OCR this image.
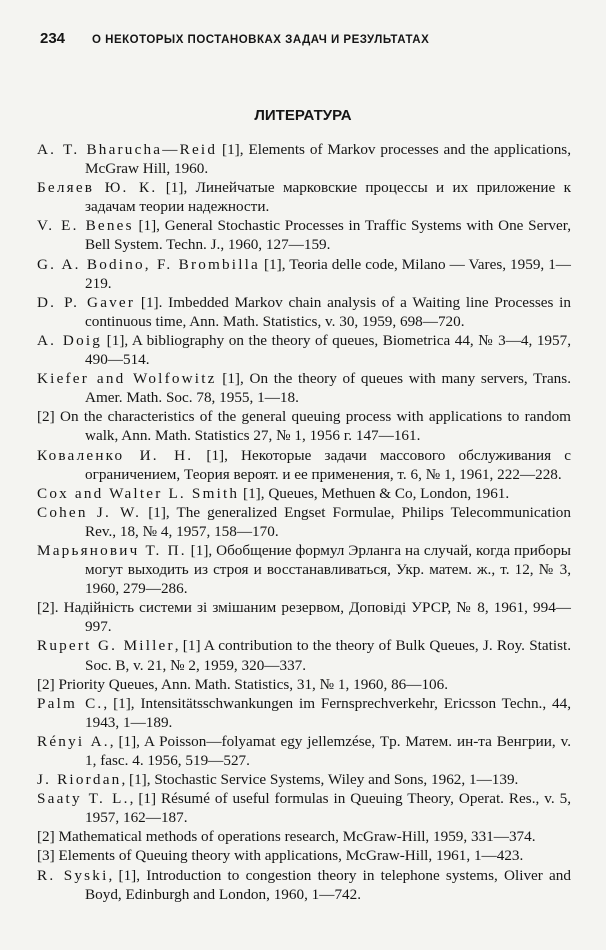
234 О НЕКОТОРЫХ ПОСТАНОВКАХ ЗАДАЧ И РЕЗУЛЬТАТАХ
ЛИТЕРАТУРА
A. T. Bharucha—Reid [1], Elements of Markov processes and the applications, McGraw Hill, 1960.
Беляев Ю. К. [1], Линейчатые марковские процессы и их приложение к задачам теории надежности.
V. E. Benes [1], General Stochastic Processes in Traffic Systems with One Server, Bell System. Techn. J., 1960, 127—159.
G. A. Bodino, F. Brombilla [1], Teoria delle code, Milano — Vares, 1959, 1—219.
D. P. Gaver [1]. Imbedded Markov chain analysis of a Waiting line Processes in continuous time, Ann. Math. Statistics, v. 30, 1959, 698—720.
A. Doig [1], A bibliography on the theory of queues, Biometrica 44, № 3—4, 1957, 490—514.
Kiefer and Wolfowitz [1], On the theory of queues with many servers, Trans. Amer. Math. Soc. 78, 1955, 1—18.
[2] On the characteristics of the general queuing process with applications to random walk, Ann. Math. Statistics 27, № 1, 1956 г. 147—161.
Коваленко И. Н. [1], Некоторые задачи массового обслуживания с ограничением, Теория вероят. и ее применения, т. 6, № 1, 1961, 222—228.
Cox and Walter L. Smith [1], Queues, Methuen & Co, London, 1961.
Cohen J. W. [1], The generalized Engset Formulae, Philips Telecommunication Rev., 18, № 4, 1957, 158—170.
Марьянович Т. П. [1], Обобщение формул Эрланга на случай, когда приборы могут выходить из строя и восстанавливаться, Укр. матем. ж., т. 12, № 3, 1960, 279—286.
[2]. Надiйнiсть системи зi змiшаним резервом, Доповiдi УРСР, № 8, 1961, 994—997.
Rupert G. Miller, [1] A contribution to the theory of Bulk Queues, J. Roy. Statist. Soc. B, v. 21, № 2, 1959, 320—337.
[2] Priority Queues, Ann. Math. Statistics, 31, № 1, 1960, 86—106.
Palm C., [1], Intensitätsschwankungen im Fernsprechverkehr, Ericsson Techn., 44, 1943, 1—189.
Rényi A., [1], A Poisson—folyamat egy jellemzése, Tр. Матем. ин-та Венгрии, v. 1, fasc. 4. 1956, 519—527.
J. Riordan, [1], Stochastic Service Systems, Wiley and Sons, 1962, 1—139.
Saaty T. L., [1] Résumé of useful formulas in Queuing Theory, Operat. Res., v. 5, 1957, 162—187.
[2] Mathematical methods of operations research, McGraw-Hill, 1959, 331—374.
[3] Elements of Queuing theory with applications, McGraw-Hill, 1961, 1—423.
R. Syski, [1], Introduction to congestion theory in telephone systems, Oliver and Boyd, Edinburgh and London, 1960, 1—742.
